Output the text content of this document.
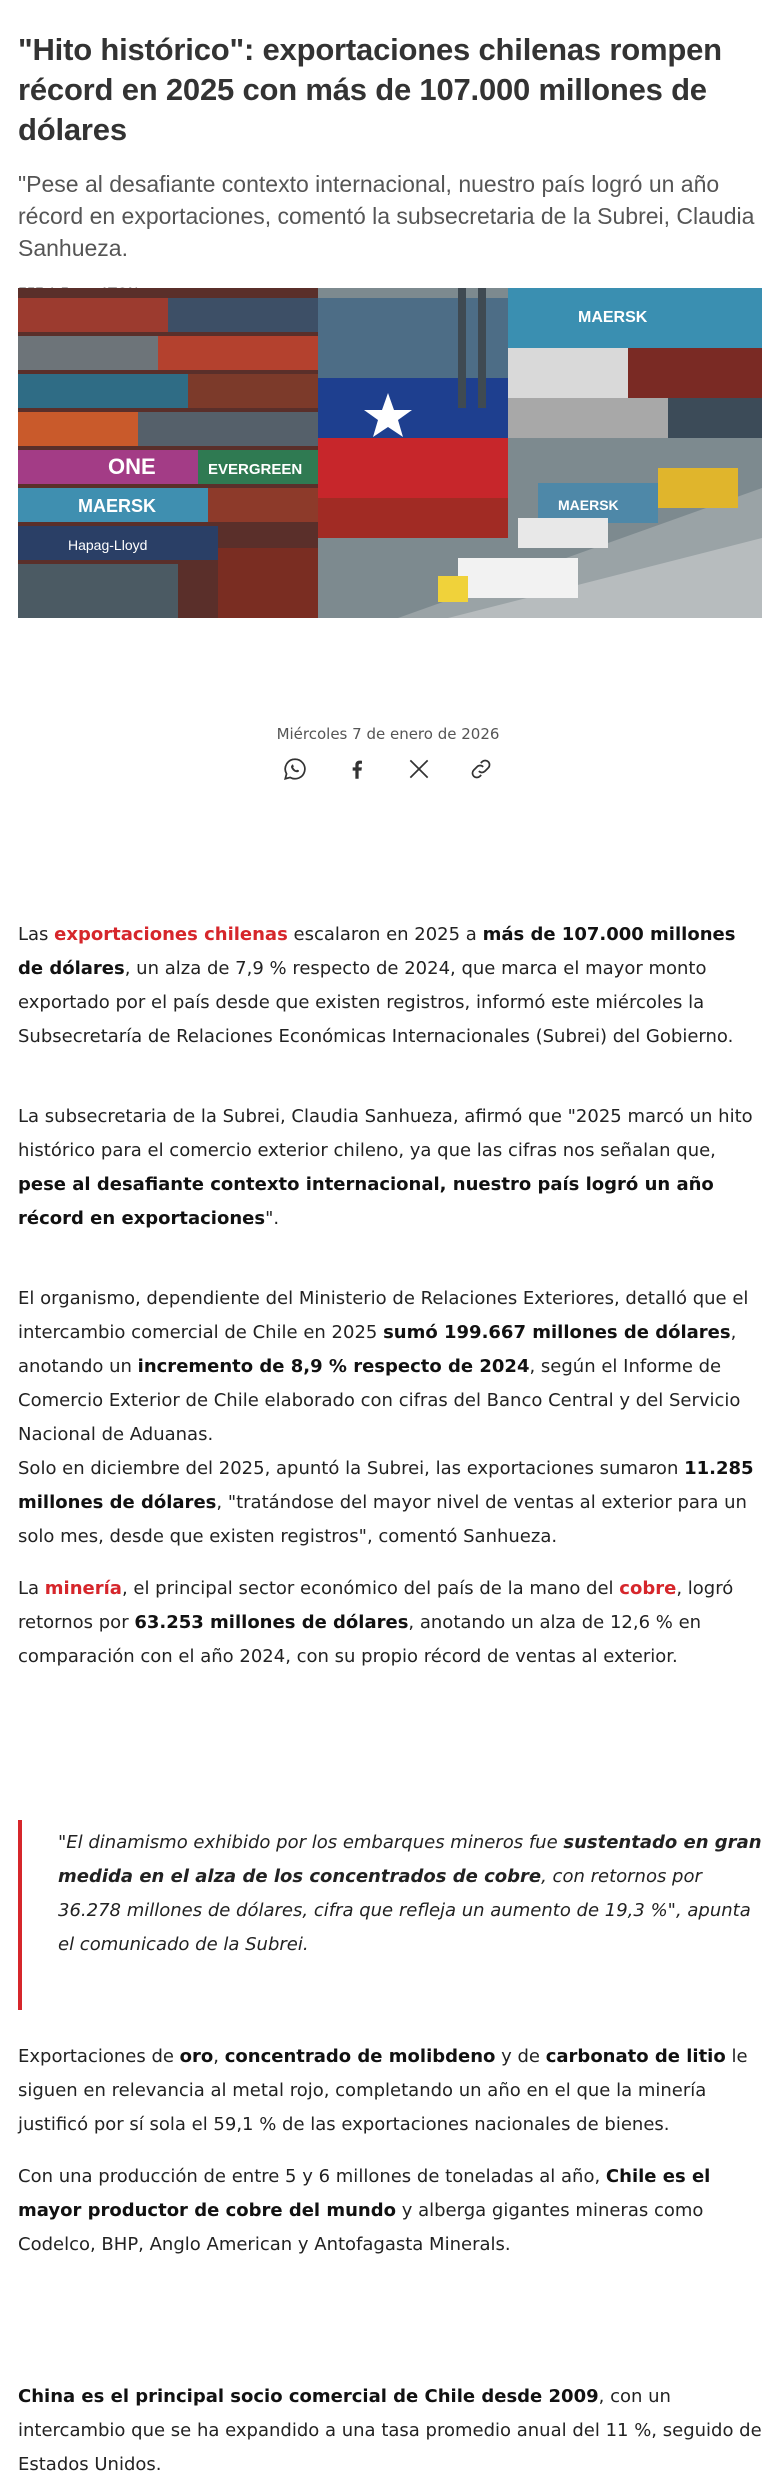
"Hito histórico": exportaciones chilenas rompen récord en 2025 con más de 107.000 millones de dólares

"Pese al desafiante contexto internacional, nuestro país logró un año récord en exportaciones, comentó la subsecretaria de la Subrei, Claudia Sanhueza.

ONE	EVERGREEN
MAERSK
Hapag-Lloyd
MAERSK
MAERSK
Miércoles 7 de enero de 2026

Las exportaciones chilenas escalaron en 2025 a más de 107.000 millones de dólares, un alza de 7,9 % respecto de 2024, que marca el mayor monto exportado por el país desde que existen registros, informó este miércoles la Subsecretaría de Relaciones Económicas Internacionales (Subrei) del Gobierno.

La subsecretaria de la Subrei, Claudia Sanhueza, afirmó que "2025 marcó un hito histórico para el comercio exterior chileno, ya que las cifras nos señalan que, pese al desafiante contexto internacional, nuestro país logró un año récord en exportaciones".

El organismo, dependiente del Ministerio de Relaciones Exteriores, detalló que el intercambio comercial de Chile en 2025 sumó 199.667 millones de dólares, anotando un incremento de 8,9 % respecto de 2024, según el Informe de Comercio Exterior de Chile elaborado con cifras del Banco Central y del Servicio Nacional de Aduanas.

Solo en diciembre del 2025, apuntó la Subrei, las exportaciones sumaron 11.285 millones de dólares, "tratándose del mayor nivel de ventas al exterior para un solo mes, desde que existen registros", comentó Sanhueza.

La minería, el principal sector económico del país de la mano del cobre, logró retornos por 63.253 millones de dólares, anotando un alza de 12,6 % en comparación con el año 2024, con su propio récord de ventas al exterior.

Exportaciones de oro, concentrado de molibdeno y de carbonato de litio le siguen en relevancia al metal rojo, completando un año en el que la minería justificó por sí sola el 59,1 % de las exportaciones nacionales de bienes.

Con una producción de entre 5 y 6 millones de toneladas al año, Chile es el mayor productor de cobre del mundo y alberga gigantes mineras como Codelco, BHP, Anglo American y Antofagasta Minerals.

China es el principal socio comercial de Chile desde 2009, con un intercambio que se ha expandido a una tasa promedio anual del 11 %, seguido de Estados Unidos.

"El dinamismo exhibido por los embarques mineros fue sustentado en gran medida en el alza de los concentrados de cobre, con retornos por 36.278 millones de dólares, cifra que refleja un aumento de 19,3 %", apunta el comunicado de la Subrei.
